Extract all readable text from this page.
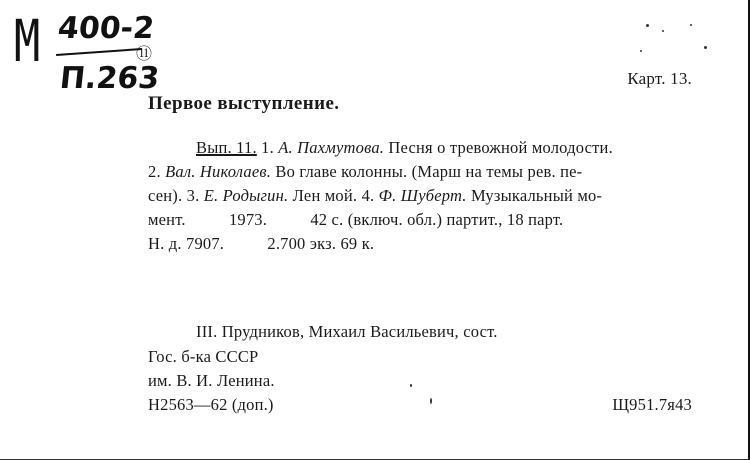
М 400-2
П.263
⑪
Карт. 13.
Первое выступление.
Вып. 11. 1. А. Пахмутова. Песня о тревожной молодости.
2. Вал. Николаев. Во главе колонны. (Марш на темы рев. пе-
сен). 3. Е. Родыгин. Лен мой. 4. Ф. Шуберт. Музыкальный мо-
мент.          1973.          42 с. (включ. обл.) партит., 18 парт.
Н. д. 7907.          2.700 экз. 69 к.
III. Прудников, Михаил Васильевич, сост.
Гос. б-ка СССР
им. В. И. Ленина.
Н2563—62 (доп.)	Щ951.7я43
